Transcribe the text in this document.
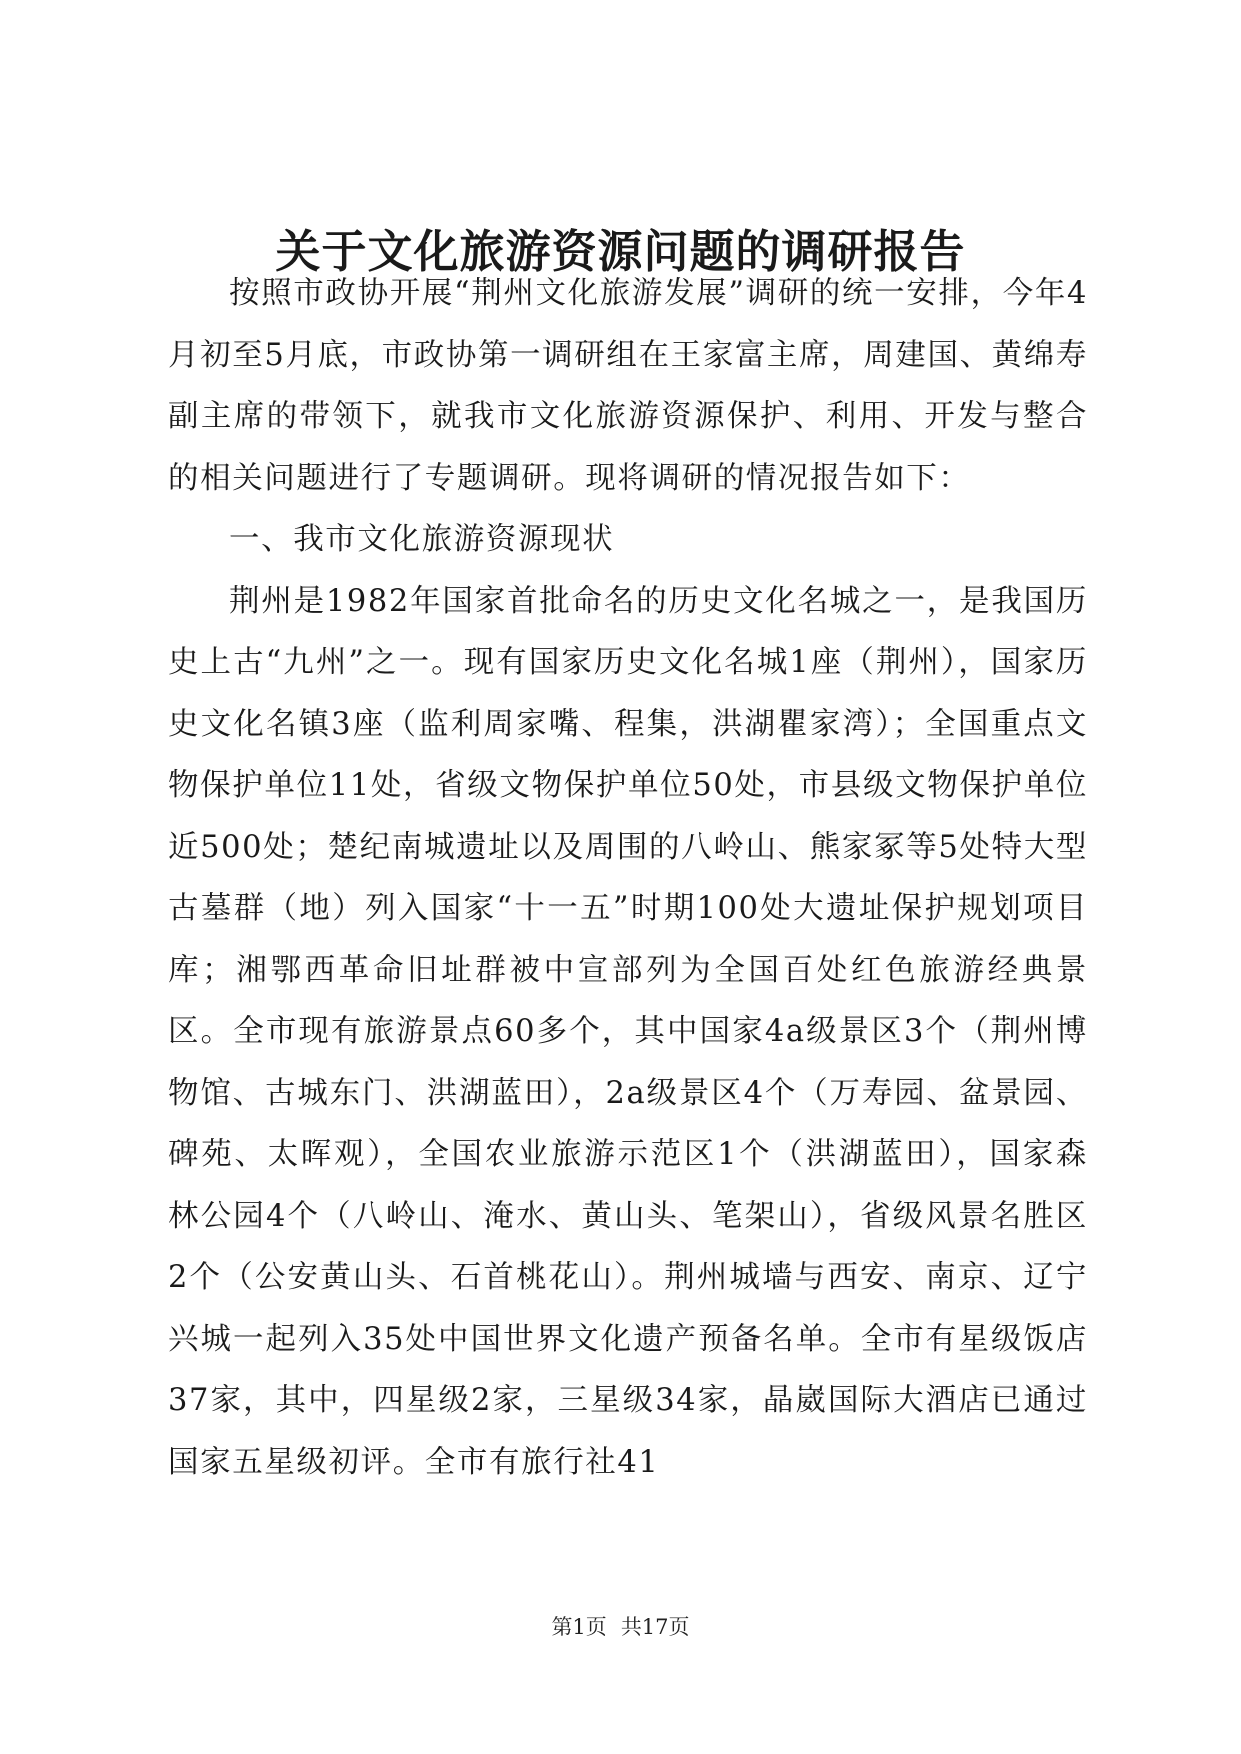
关于文化旅游资源问题的调研报告

按照市政协开展“荆州文化旅游发展”调研的统一安排，今年4月初至5月底，市政协第一调研组在王家富主席，周建国、黄绵寿副主席的带领下，就我市文化旅游资源保护、利用、开发与整合的相关问题进行了专题调研。现将调研的情况报告如下：

一、我市文化旅游资源现状

荆州是1982年国家首批命名的历史文化名城之一，是我国历史上古“九州”之一。现有国家历史文化名城1座（荆州），国家历史文化名镇3座（监利周家嘴、程集，洪湖瞿家湾）；全国重点文物保护单位11处，省级文物保护单位50处，市县级文物保护单位近500处；楚纪南城遗址以及周围的八岭山、熊家冢等5处特大型古墓群（地）列入国家“十一五”时期100处大遗址保护规划项目库；湘鄂西革命旧址群被中宣部列为全国百处红色旅游经典景区。全市现有旅游景点60多个，其中国家4a级景区3个（荆州博物馆、古城东门、洪湖蓝田），2a级景区4个（万寿园、盆景园、碑苑、太晖观），全国农业旅游示范区1个（洪湖蓝田），国家森林公园4个（八岭山、淹水、黄山头、笔架山），省级风景名胜区2个（公安黄山头、石首桃花山）。荆州城墙与西安、南京、辽宁兴城一起列入35处中国世界文化遗产预备名单。全市有星级饭店37家，其中，四星级2家，三星级34家，晶崴国际大酒店已通过国家五星级初评。全市有旅行社41

第1页 共17页
